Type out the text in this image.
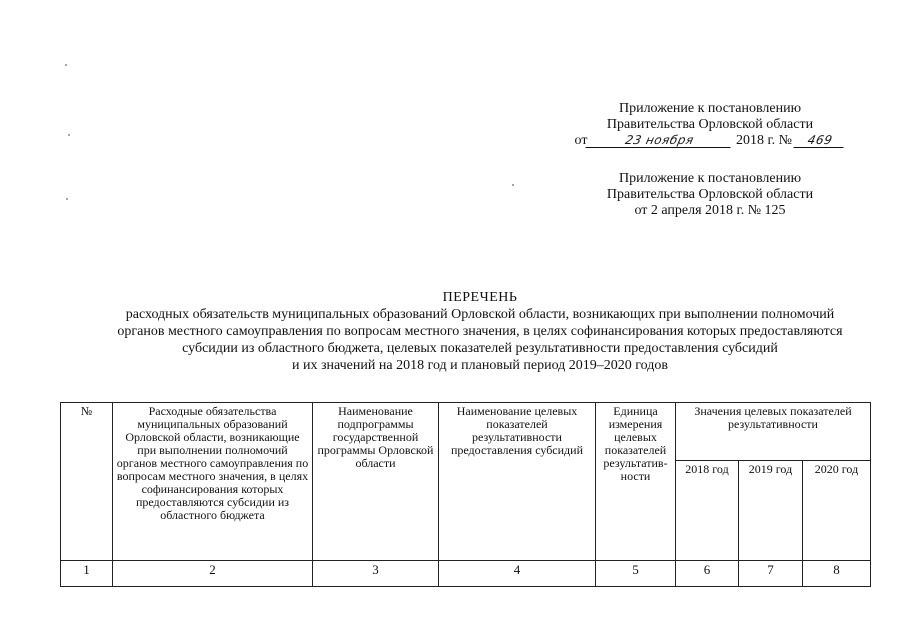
Приложение к постановлению
Правительства Орловской области
от	23 ноября	2018 г. № 469
Приложение к постановлению
Правительства Орловской области
от 2 апреля 2018 г. № 125
ПЕРЕЧЕНЬ
расходных обязательств муниципальных образований Орловской области, возникающих при выполнении полномочий
органов местного самоуправления по вопросам местного значения, в целях софинансирования которых предоставляются
субсидии из областного бюджета, целевых показателей результативности предоставления субсидий
и их значений на 2018 год и плановый период 2019–2020 годов
№	Расходные обязательства муниципальных образований Орловской области, возникающие при выполнении полномочий органов местного самоуправления по вопросам местного значения, в целях софинансирования которых предоставляются субсидии из областного бюджета	Наименование подпрограммы государственной программы Орловской области	Наименование целевых показателей результативности предоставления субсидий	Единица измерения целевых показателей результатив-ности	Значения целевых показателей результативности		
					2018 год	2019 год	2020 год
1	2	3	4	5	6	7	8
